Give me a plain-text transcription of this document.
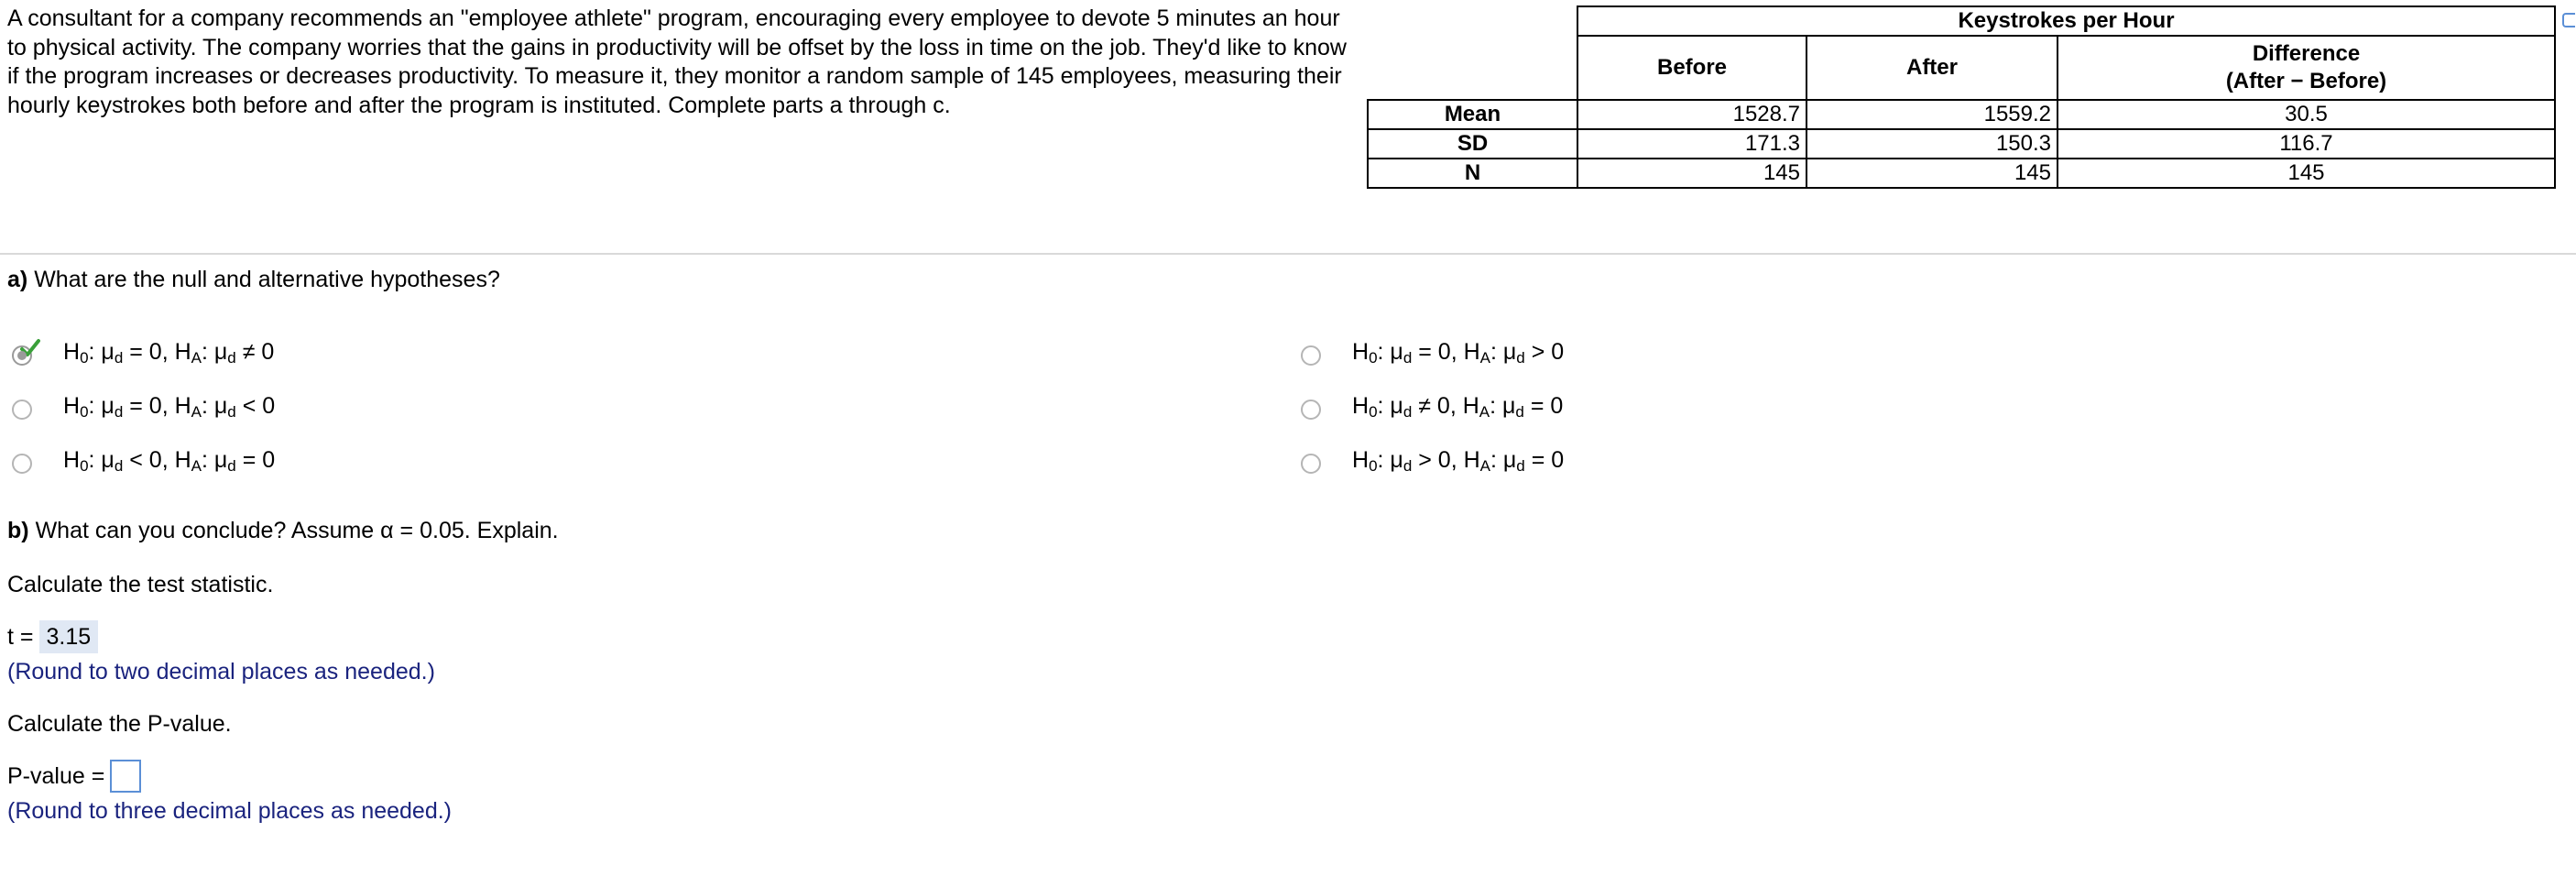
A consultant for a company recommends an "employee athlete" program, encouraging every employee to devote 5 minutes an hour to physical activity. The company worries that the gains in productivity will be offset by the loss in time on the job. They'd like to know if the program increases or decreases productivity. To measure it, they monitor a random sample of 145 employees, measuring their hourly keystrokes both before and after the program is instituted. Complete parts a through c.

	Keystrokes per Hour		
	Before	After	Difference
(After − Before)

Mean	1528.7	1559.2	30.5
SD	171.3	150.3	116.7
N	145	145	145

a) What are the null and alternative hypotheses?

$H_0$: $\mu_d = 0$, $H_A$: $\mu_d \ne 0$	$H_0$: $\mu_d = 0$, $H_A$: $\mu_d > 0$
$H_0$: $\mu_d = 0$, $H_A$: $\mu_d < 0$	$H_0$: $\mu_d \ne 0$, $H_A$: $\mu_d = 0$
$H_0$: $\mu_d < 0$, $H_A$: $\mu_d = 0$	$H_0$: $\mu_d > 0$, $H_A$: $\mu_d = 0$

b) What can you conclude? Assume α = 0.05. Explain.

Calculate the test statistic.

t = 3.15
(Round to two decimal places as needed.)

Calculate the P-value.

P-value =
(Round to three decimal places as needed.)
